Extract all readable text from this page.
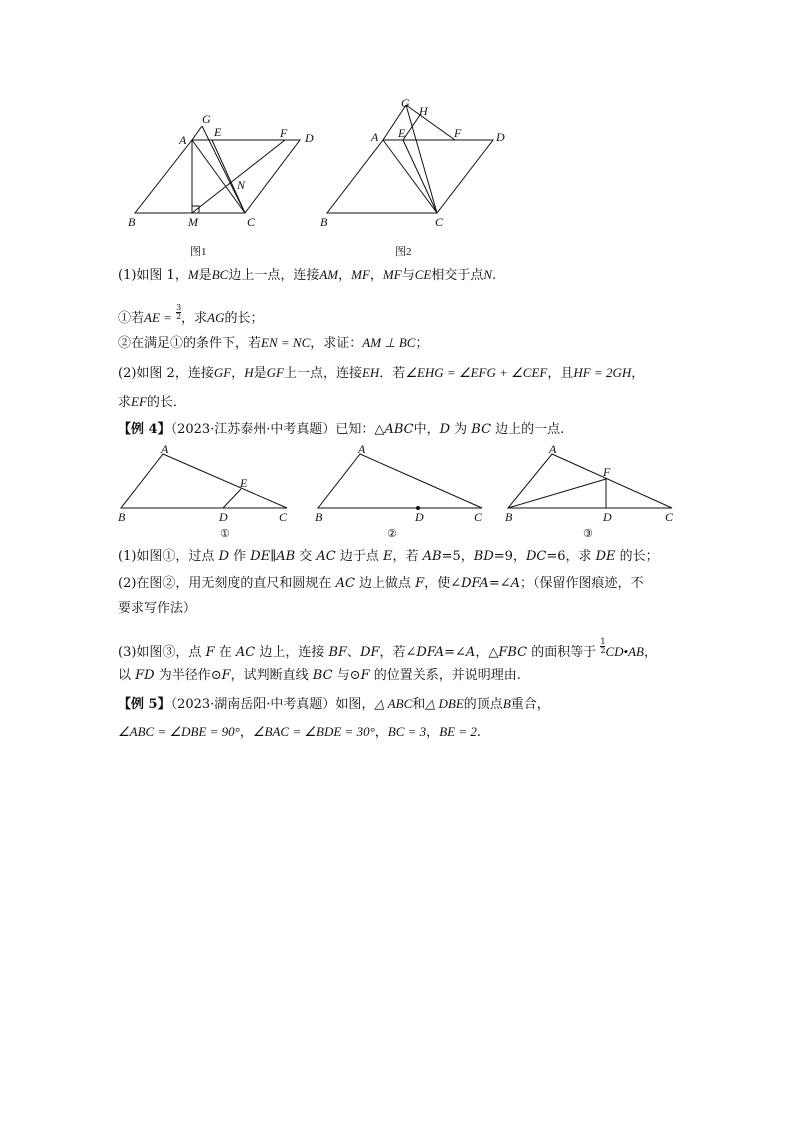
G
A
E	F D
N
B	M	C
图1
G
H
A E	F	D
B	C
图2
(1)如图 1，M是BC边上一点，连接AM，MF，MF与CE相交于点N.
①若AE = $\frac{3}{2}$ ，求AG的长；
②在满足①的条件下，若EN = NC，求证：AM ⊥ BC；
(2)如图 2，连接GF，H是GF上一点，连接EH．若∠EHG = ∠EFG + ∠CEF，且HF = 2GH，
求EF的长．
【例 4】（2023·江苏泰州·中考真题）已知：△ABC中，D 为 BC 边上的一点.
A
E
B	D	C
①
A
B	D	C
②
A
F
B	D	C
③
(1)如图①，过点 D 作 DE∥AB 交 AC 边于点 E，若 AB=5，BD=9，DC=6，求 DE 的长；
(2)在图②，用无刻度的直尺和圆规在 AC 边上做点 F，使∠DFA=∠A；（保留作图痕迹，不
要求写作法）
(3)如图③，点 F 在 AC 边上，连接 BF、DF，若∠DFA=∠A，△FBC 的面积等于 $\frac{1}{2}$ CD•AB，
以 FD 为半径作⊙F，试判断直线 BC 与⊙F 的位置关系，并说明理由.
【例 5】（2023·湖南岳阳·中考真题）如图，△ ABC和△ DBE的顶点B重合，
∠ABC = ∠DBE = 90°，∠BAC = ∠BDE = 30°，BC = 3，BE = 2.
